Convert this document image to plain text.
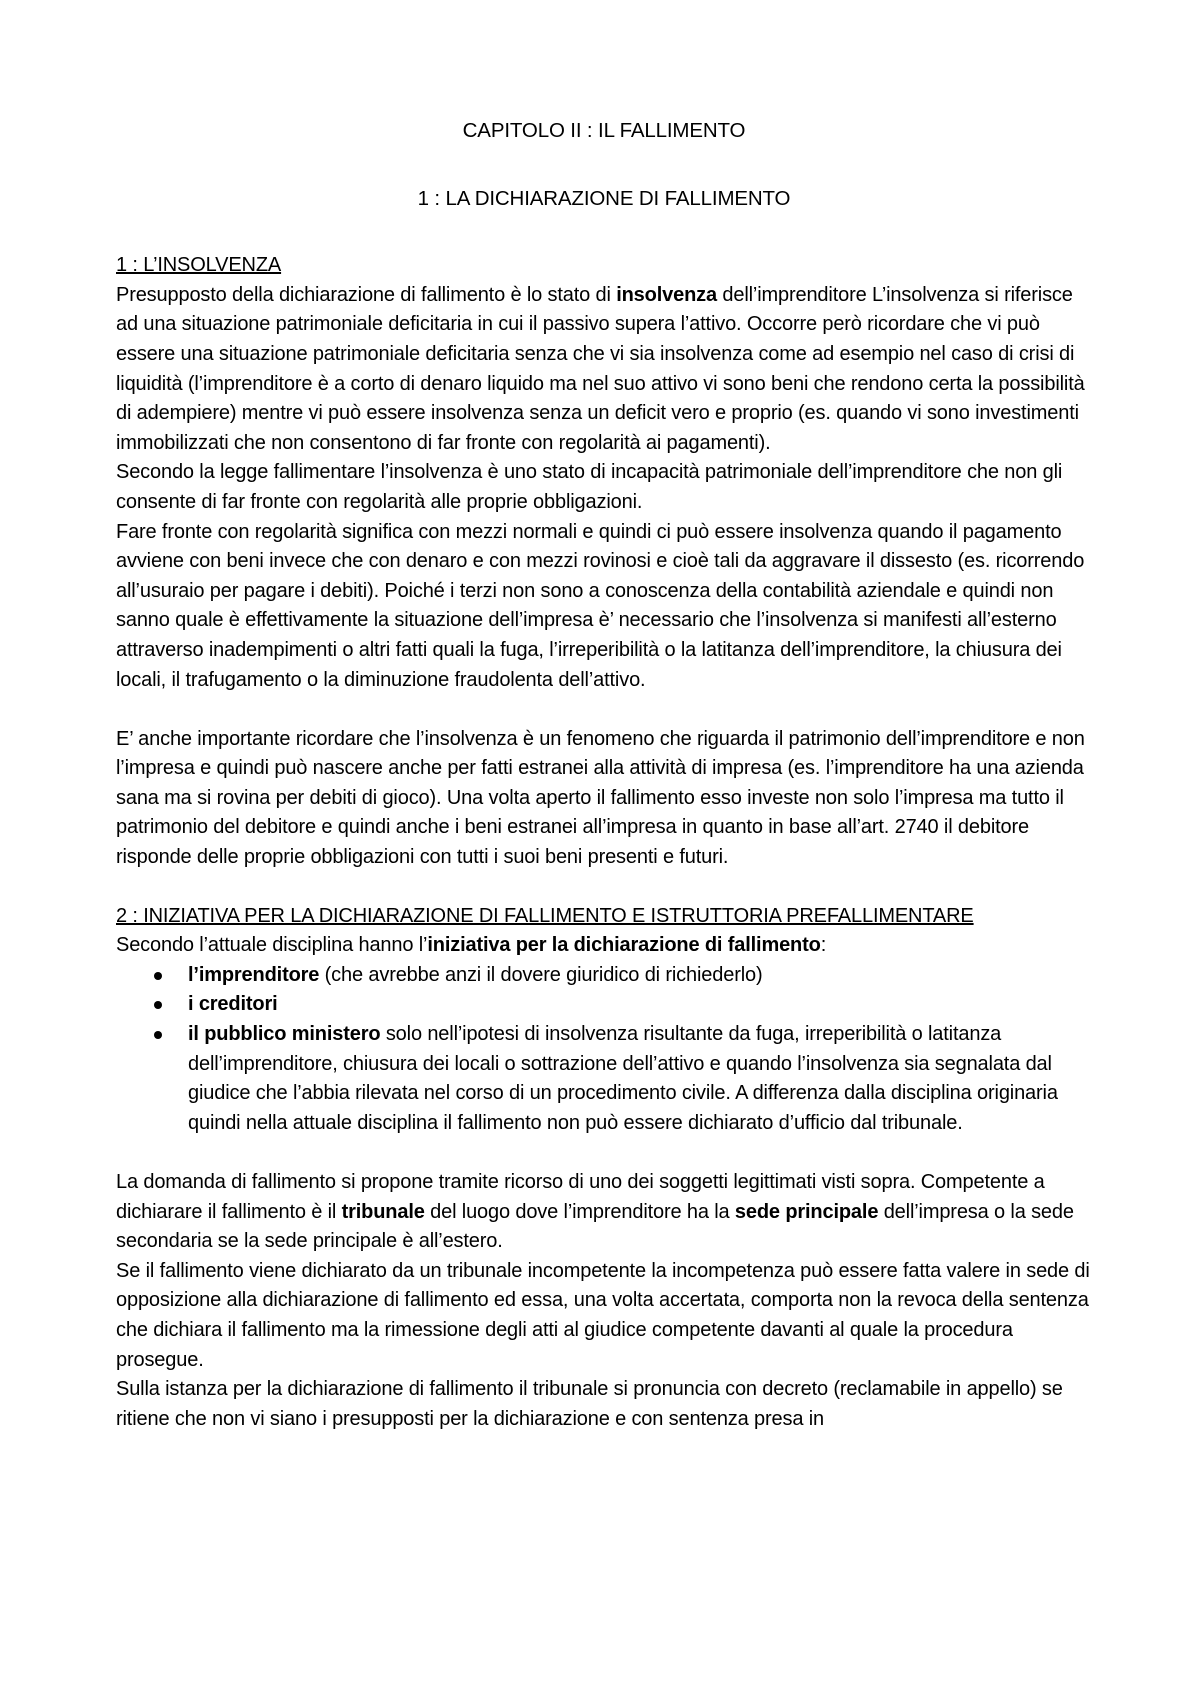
CAPITOLO II : IL FALLIMENTO
1 : LA DICHIARAZIONE DI FALLIMENTO
1 : L’INSOLVENZA

Presupposto della dichiarazione di fallimento è lo stato di insolvenza dell’imprenditore L’insolvenza si riferisce ad una situazione patrimoniale deficitaria in cui il passivo supera l’attivo. Occorre però ricordare che vi può essere una situazione patrimoniale deficitaria senza che vi sia insolvenza come ad esempio nel caso di crisi di liquidità (l’imprenditore è a corto di denaro liquido ma nel suo attivo vi sono beni che rendono certa la possibilità di adempiere) mentre vi può essere insolvenza senza un deficit vero e proprio (es. quando vi sono investimenti immobilizzati che non consentono di far fronte con regolarità ai pagamenti).

Secondo la legge fallimentare l’insolvenza è uno stato di incapacità patrimoniale dell’imprenditore che non gli consente di far fronte con regolarità alle proprie obbligazioni.

Fare fronte con regolarità significa con mezzi normali e quindi ci può essere insolvenza quando il pagamento avviene con beni invece che con denaro e con mezzi rovinosi e cioè tali da aggravare il dissesto (es. ricorrendo all’usuraio per pagare i debiti). Poiché i terzi non sono a conoscenza della contabilità aziendale e quindi non sanno quale è effettivamente la situazione dell’impresa è’ necessario che l’insolvenza si manifesti all’esterno attraverso inadempimenti o altri fatti quali la fuga, l’irreperibilità o la latitanza dell’imprenditore, la chiusura dei locali, il trafugamento o la diminuzione fraudolenta dell’attivo.

E’ anche importante ricordare che l’insolvenza è un fenomeno che riguarda il patrimonio dell’imprenditore e non l’impresa e quindi può nascere anche per fatti estranei alla attività di impresa (es. l’imprenditore ha una azienda sana ma si rovina per debiti di gioco). Una volta aperto il fallimento esso investe non solo l’impresa ma tutto il patrimonio del debitore e quindi anche i beni estranei all’impresa in quanto in base all’art. 2740 il debitore risponde delle proprie obbligazioni con tutti i suoi beni presenti e futuri.

2 : INIZIATIVA PER LA DICHIARAZIONE DI FALLIMENTO E ISTRUTTORIA PREFALLIMENTARE

Secondo l’attuale disciplina hanno l’iniziativa per la dichiarazione di fallimento:

l’imprenditore (che avrebbe anzi il dovere giuridico di richiederlo)
i creditori
il pubblico ministero solo nell’ipotesi di insolvenza risultante da fuga, irreperibilità o latitanza dell’imprenditore, chiusura dei locali o sottrazione dell’attivo e quando l’insolvenza sia segnalata dal giudice che l’abbia rilevata nel corso di un procedimento civile. A differenza dalla disciplina originaria quindi nella attuale disciplina il fallimento non può essere dichiarato d’ufficio dal tribunale.

La domanda di fallimento si propone tramite ricorso di uno dei soggetti legittimati visti sopra. Competente a dichiarare il fallimento è il tribunale del luogo dove l’imprenditore ha la sede principale dell’impresa o la sede secondaria se la sede principale è all’estero.

Se il fallimento viene dichiarato da un tribunale incompetente la incompetenza può essere fatta valere in sede di opposizione alla dichiarazione di fallimento ed essa, una volta accertata, comporta non la revoca della sentenza che dichiara il fallimento ma la rimessione degli atti al giudice competente davanti al quale la procedura prosegue.

Sulla istanza per la dichiarazione di fallimento il tribunale si pronuncia con decreto (reclamabile in appello) se ritiene che non vi siano i presupposti per la dichiarazione e con sentenza presa in
